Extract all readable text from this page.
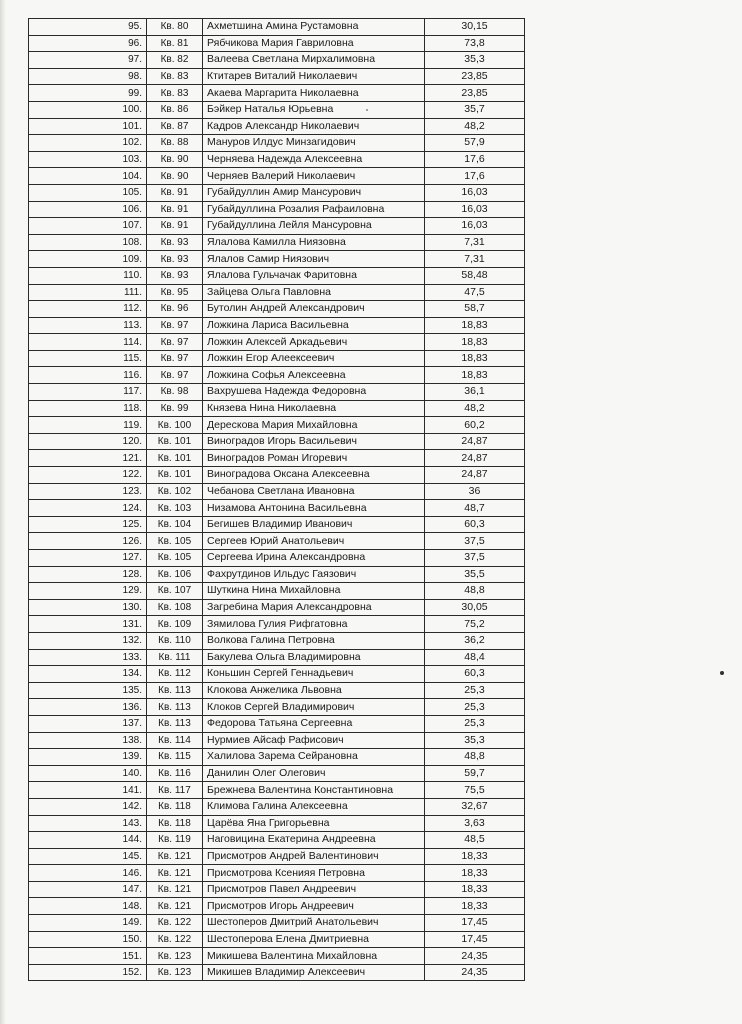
95.	Кв. 80	Ахметшина Амина Рустамовна	30,15
96.	Кв. 81	Рябчикова Мария Гавриловна	73,8
97.	Кв. 82	Валеева Светлана Мирхалимовна	35,3
98.	Кв. 83	Ктитарев Виталий Николаевич	23,85
99.	Кв. 83	Акаева Маргарита Николаевна	23,85
100.	Кв. 86	Бэйкер Наталья Юрьевна	35,7
101.	Кв. 87	Кадров Александр Николаевич	48,2
102.	Кв. 88	Мануров Илдус Минзагидович	57,9
103.	Кв. 90	Черняева Надежда Алексеевна	17,6
104.	Кв. 90	Черняев Валерий Николаевич	17,6
105.	Кв. 91	Губайдуллин Амир Мансурович	16,03
106.	Кв. 91	Губайдуллина Розалия Рафаиловна	16,03
107.	Кв. 91	Губайдуллина Лейля Мансуровна	16,03
108.	Кв. 93	Ялалова Камилла Ниязовна	7,31
109.	Кв. 93	Ялалов Самир Ниязович	7,31
110.	Кв. 93	Ялалова Гульчачак Фаритовна	58,48
111.	Кв. 95	Зайцева Ольга Павловна	47,5
112.	Кв. 96	Бутолин Андрей Александрович	58,7
113.	Кв. 97	Ложкина Лариса Васильевна	18,83
114.	Кв. 97	Ложкин Алексей Аркадьевич	18,83
115.	Кв. 97	Ложкин Егор Алеексеевич	18,83
116.	Кв. 97	Ложкина Софья Алексеевна	18,83
117.	Кв. 98	Вахрушева Надежда Федоровна	36,1
118.	Кв. 99	Князева Нина Николаевна	48,2
119.	Кв. 100	Дерескова Мария Михайловна	60,2
120.	Кв. 101	Виноградов Игорь Васильевич	24,87
121.	Кв. 101	Виноградов Роман Игоревич	24,87
122.	Кв. 101	Виноградова Оксана Алексеевна	24,87
123.	Кв. 102	Чебанова Светлана Ивановна	36
124.	Кв. 103	Низамова Антонина Васильевна	48,7
125.	Кв. 104	Бегишев Владимир Иванович	60,3
126.	Кв. 105	Сергеев Юрий Анатольевич	37,5
127.	Кв. 105	Сергеева Ирина Александровна	37,5
128.	Кв. 106	Фахрутдинов Ильдус Гаязович	35,5
129.	Кв. 107	Шуткина Нина Михайловна	48,8
130.	Кв. 108	Загребина Мария Александровна	30,05
131.	Кв. 109	Зямилова Гулия Рифгатовна	75,2
132.	Кв. 110	Волкова Галина Петровна	36,2
133.	Кв. 111	Бакулева Ольга Владимировна	48,4
134.	Кв. 112	Коньшин Сергей Геннадьевич	60,3
135.	Кв. 113	Клокова Анжелика Львовна	25,3
136.	Кв. 113	Клоков Сергей Владимирович	25,3
137.	Кв. 113	Федорова Татьяна Сергеевна	25,3
138.	Кв. 114	Нурмиев Айсаф Рафисович	35,3
139.	Кв. 115	Халилова Зарема Сейрановна	48,8
140.	Кв. 116	Данилин Олег Олегович	59,7
141.	Кв. 117	Брежнева Валентина Константиновна	75,5
142.	Кв. 118	Климова Галина Алексеевна	32,67
143.	Кв. 118	Царёва Яна Григорьевна	3,63
144.	Кв. 119	Наговицина Екатерина Андреевна	48,5
145.	Кв. 121	Присмотров Андрей Валентинович	18,33
146.	Кв. 121	Присмотрова Ксенияя Петровна	18,33
147.	Кв. 121	Присмотров Павел Андреевич	18,33
148.	Кв. 121	Присмотров Игорь Андреевич	18,33
149.	Кв. 122	Шестоперов Дмитрий Анатольевич	17,45
150.	Кв. 122	Шестоперова Елена Дмитриевна	17,45
151.	Кв. 123	Микишева Валентина Михайловна	24,35
152.	Кв. 123	Микишев Владимир Алексеевич	24,35
